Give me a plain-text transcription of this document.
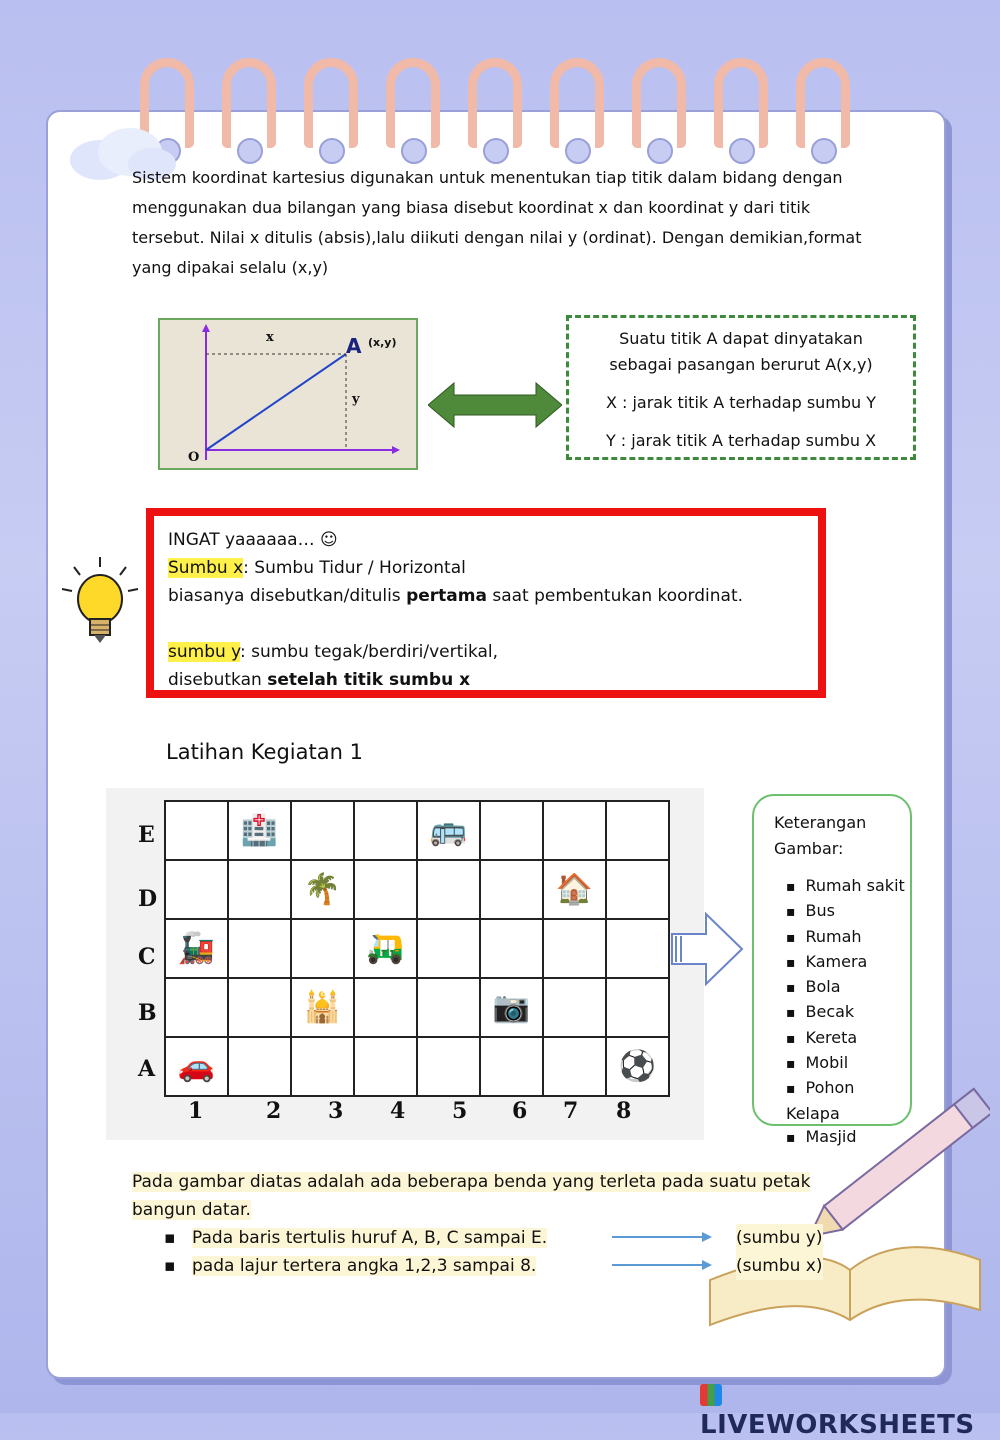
Sistem koordinat kartesius digunakan untuk menentukan tiap titik dalam bidang dengan
menggunakan dua bilangan yang biasa disebut koordinat x dan koordinat y dari titik
tersebut. Nilai x ditulis (absis),lalu diikuti dengan nilai y (ordinat). Dengan demikian,format
yang dipakai selalu (x,y)
x
y
O
A (x,y)	Suatu titik A dapat dinyatakan
sebagai pasangan berurut A(x,y)
X : jarak titik A terhadap sumbu Y
Y : jarak titik A terhadap sumbu X
INGAT yaaaaaa… ☺
Sumbu x: Sumbu Tidur / Horizontal
biasanya disebutkan/ditulis pertama saat pembentukan koordinat.
sumbu y: sumbu tegak/berdiri/vertikal,
disebutkan setelah titik sumbu x
Latihan Kegiatan 1
	🏥			🚌			
		🌴				🏠	
🚂			🛺				
		🕌			📷		
🚗							⚽
E
D
C
B
A
1	2 3 4 5 6 7 8
Keterangan
Gambar:
▪ Rumah sakit
▪ Bus
▪ Rumah
▪ Kamera
▪ Bola
▪ Becak
▪ Kereta
▪ Mobil
▪ Pohon Kelapa
▪ Masjid
Pada gambar diatas adalah ada beberapa benda yang terleta pada suatu petak
bangun datar.
▪ Pada baris tertulis huruf A, B, C sampai E.	(sumbu y)
▪ pada lajur tertera angka 1,2,3 sampai 8.	(sumbu x)
LIVEWORKSHEETS
